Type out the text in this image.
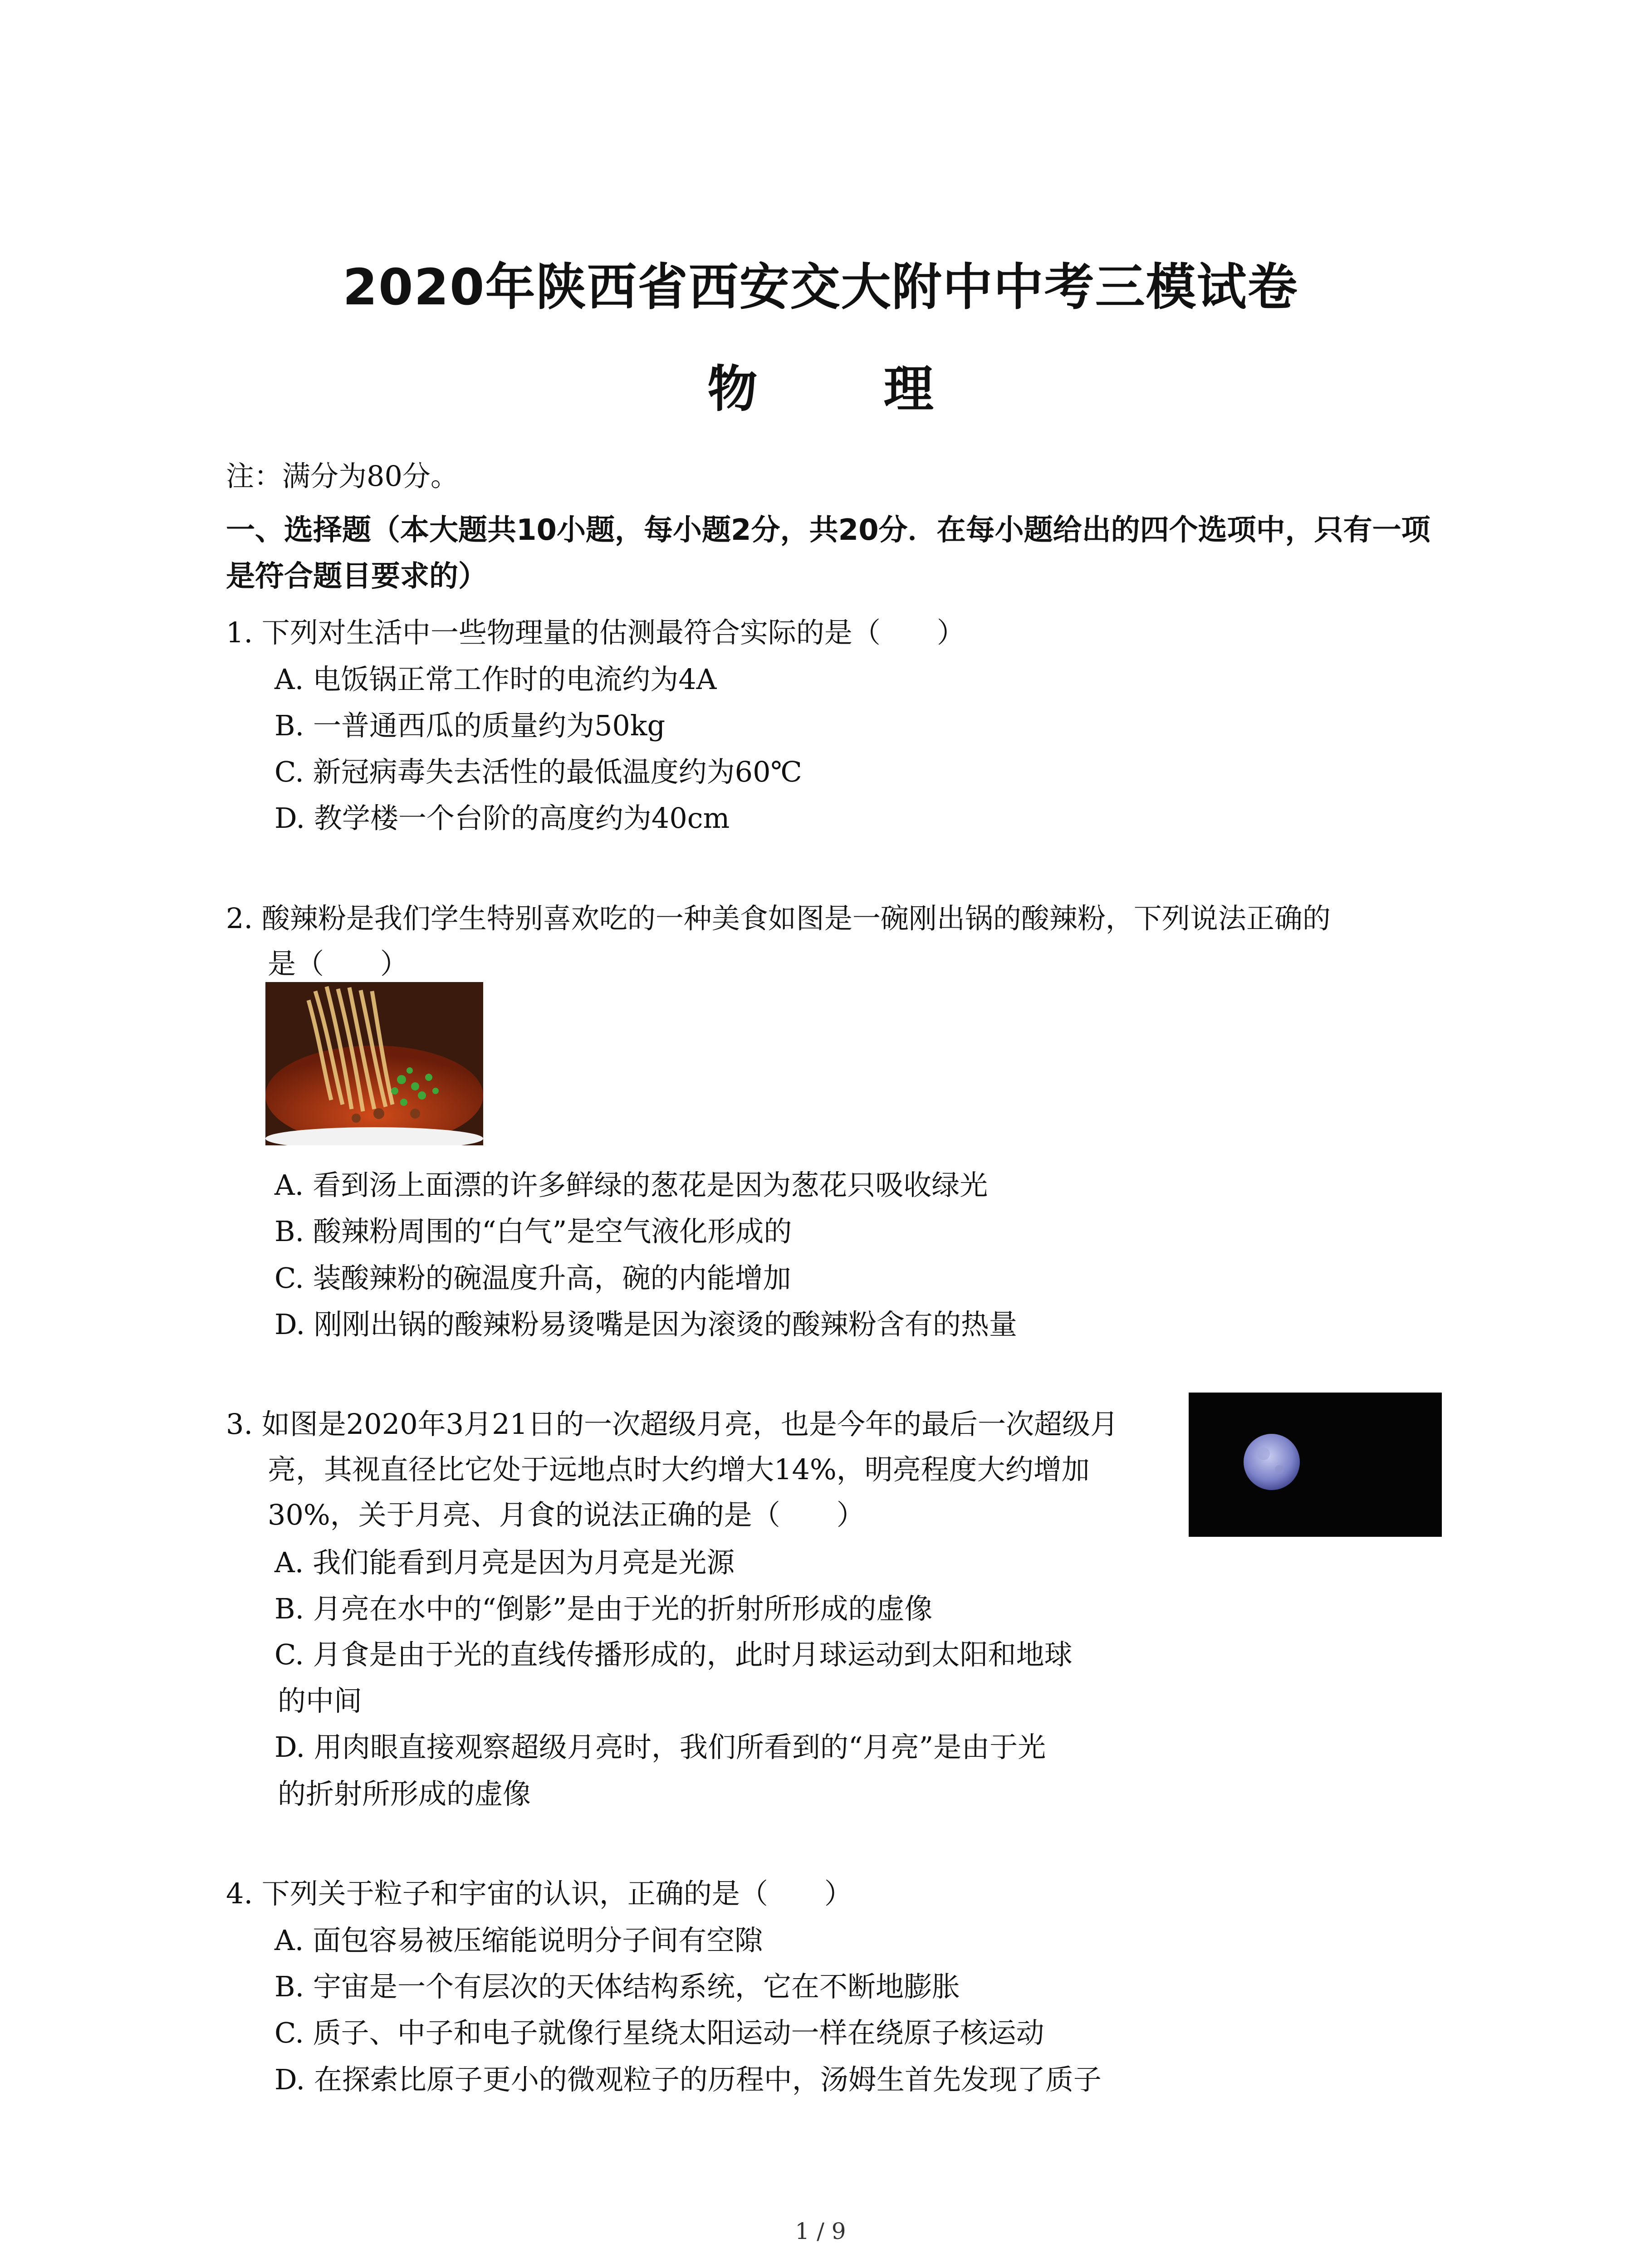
2020年陕西省西安交大附中中考三模试卷
物 理
注：满分为80分。
一、选择题（本大题共10小题，每小题2分，共20分．在每小题给出的四个选项中，只有一项是符合题目要求的）
1. 下列对生活中一些物理量的估测最符合实际的是（　　）
A. 电饭锅正常工作时的电流约为4A
B. 一普通西瓜的质量约为50kg
C. 新冠病毒失去活性的最低温度约为60℃
D. 教学楼一个台阶的高度约为40cm
2. 酸辣粉是我们学生特别喜欢吃的一种美食如图是一碗刚出锅的酸辣粉，下列说法正确的
是（　　）
A. 看到汤上面漂的许多鲜绿的葱花是因为葱花只吸收绿光
B. 酸辣粉周围的“白气”是空气液化形成的
C. 装酸辣粉的碗温度升高，碗的内能增加
D. 刚刚出锅的酸辣粉易烫嘴是因为滚烫的酸辣粉含有的热量
3. 如图是2020年3月21日的一次超级月亮，也是今年的最后一次超级月
亮，其视直径比它处于远地点时大约增大14%，明亮程度大约增加
30%，关于月亮、月食的说法正确的是（　　）
A. 我们能看到月亮是因为月亮是光源
B. 月亮在水中的“倒影”是由于光的折射所形成的虚像
C. 月食是由于光的直线传播形成的，此时月球运动到太阳和地球
的中间
D. 用肉眼直接观察超级月亮时，我们所看到的“月亮”是由于光
的折射所形成的虚像
4. 下列关于粒子和宇宙的认识，正确的是（　　）
A. 面包容易被压缩能说明分子间有空隙
B. 宇宙是一个有层次的天体结构系统，它在不断地膨胀
C. 质子、中子和电子就像行星绕太阳运动一样在绕原子核运动
D. 在探索比原子更小的微观粒子的历程中，汤姆生首先发现了质子
1 / 9
